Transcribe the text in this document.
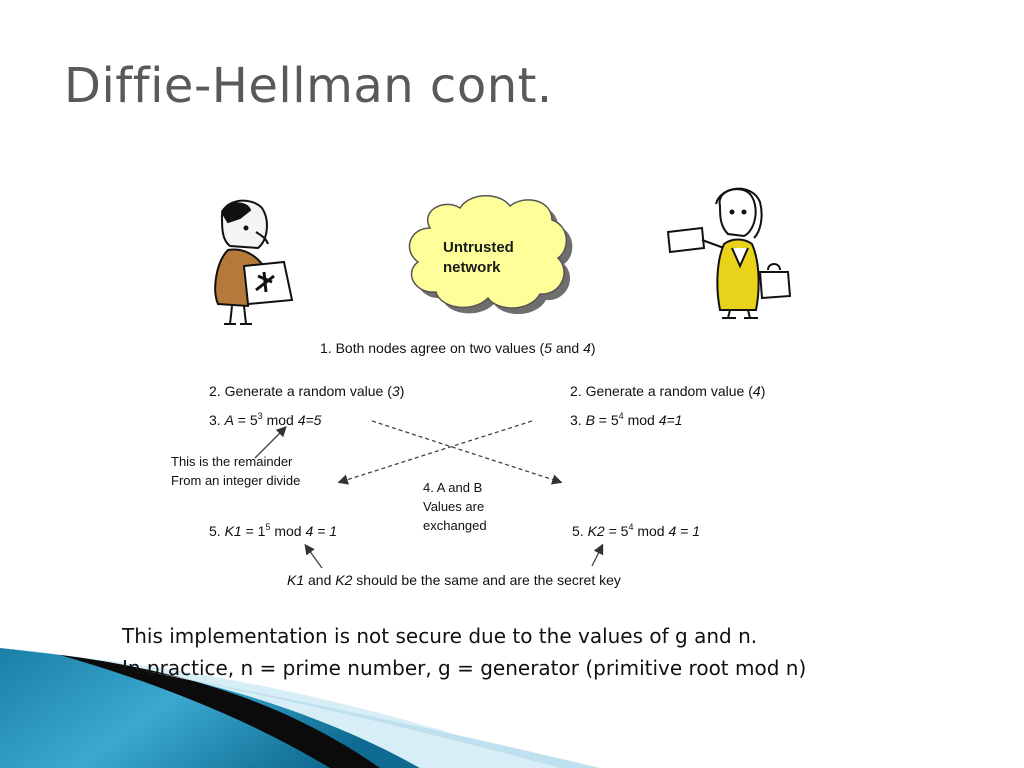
Diffie-Hellman cont.
Untrusted
network
1. Both nodes agree on two values (5 and 4)
2. Generate a random value (3)
3. $A = 5^3$ mod 4=5
5. $K1 = 1^5$ mod 4 = 1
2. Generate a random value (4)
3. $B = 5^4$ mod 4=1
5. $K2 = 5^4$ mod 4 = 1
This is the remainder
From an integer divide	4. A and B
Values are
exchanged
K1 and K2 should be the same and are the secret key
This implementation is not secure due to the values of g and n.
In practice, n = prime number, g = generator (primitive root mod n)
